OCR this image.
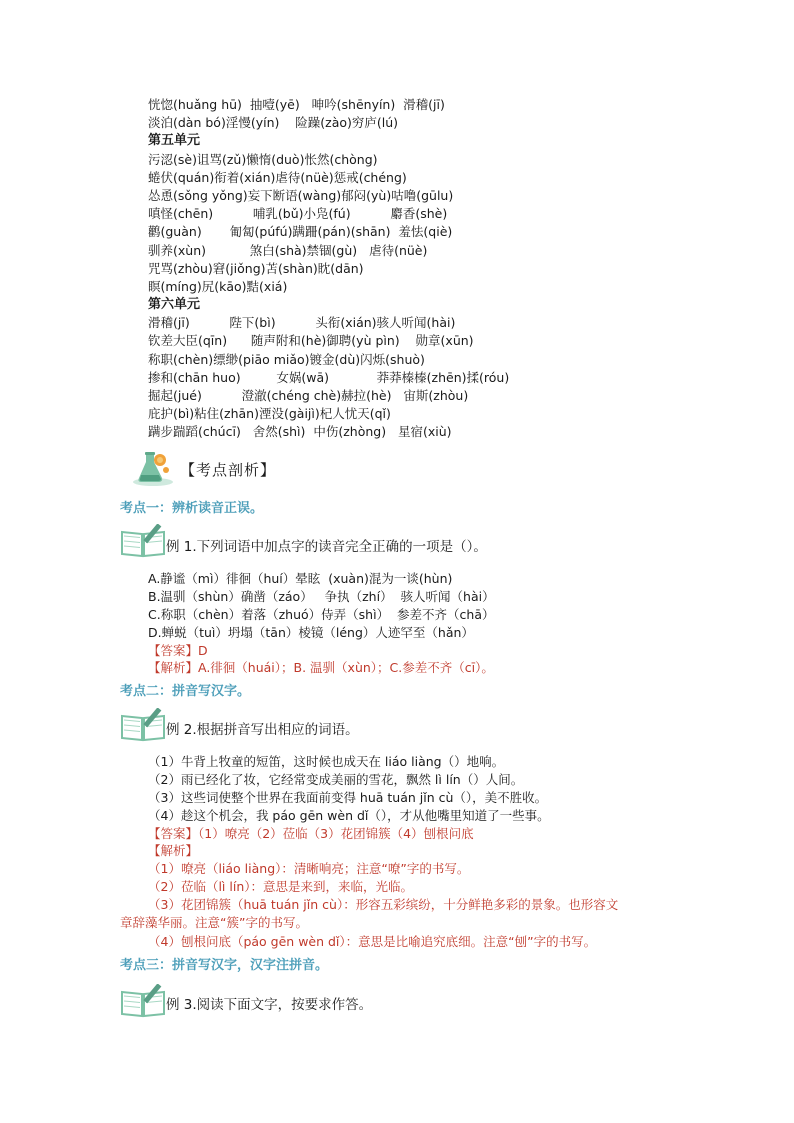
恍惚(huǎng hū)  抽噎(yē)   呻吟(shēnyín)  滑稽(jī)
淡泊(dàn bó)淫慢(yín)    险躁(zào)穷庐(lú)
第五单元
污涊(sè)诅骂(zǔ)懒惰(duò)怅然(chòng)
蜷伏(quán)衔着(xián)虐待(nüè)惩戒(chéng)
怂恿(sǒng yǒng)妄下断语(wàng)郁闷(yù)咕噜(gūlu)
嗔怪(chēn)          哺乳(bǔ)小凫(fú)          麝香(shè)
鹳(guàn)       匍匐(púfú)蹒跚(pán)(shān)  羞怯(qiè)
驯养(xùn)           煞白(shà)禁锢(gù)   虐待(nüè)
咒骂(zhòu)窘(jiǒng)苫(shàn)眈(dān)
瞑(míng)尻(kāo)黠(xiá)
第六单元
滑稽(jī)          陛下(bì)          头衔(xián)骇人听闻(hài)
钦差大臣(qīn)      随声附和(hè)御聘(yù pìn)    勋章(xūn)
称职(chèn)缥缈(piāo miǎo)镀金(dù)闪烁(shuò)
掺和(chān huo)         女娲(wā)            莽莽榛榛(zhēn)揉(róu)
掘起(jué)          澄澈(chéng chè)赫拉(hè)   宙斯(zhòu)
庇护(bì)粘住(zhān)湮没(gàijì)杞人忧天(qǐ)
蹒步踹蹈(chúcī)   舍然(shì)  中伤(zhòng)   星宿(xiù)
【考点剖析】
考点一：辨析读音正误。
例 1.下列词语中加点字的读音完全正确的一项是（）。
A.静谧（mì）徘徊（huí）晕眩  (xuàn)混为一谈(hùn)
B.温驯（shùn）确凿（záo）   争执（zhí）  骇人听闻（hài）
C.称职（chèn）着落（zhuó）侍弄（shì）  参差不齐（chā）
D.蝉蜕（tuì）坍塌（tān）棱镜（léng）人迹罕至（hǎn）
【答案】D
【解析】A.徘徊（huái）；B. 温驯（xùn）；C.参差不齐（cī）。
考点二：拼音写汉字。
例 2.根据拼音写出相应的词语。
（1）牛背上牧童的短笛，这时候也成天在 liáo liàng（）地响。
（2）雨已经化了妆，它经常变成美丽的雪花，飘然 lì lín（）人间。
（3）这些词使整个世界在我面前变得 huā tuán jǐn cù（），美不胜收。
（4）趁这个机会，我 páo gēn wèn dǐ（），才从他嘴里知道了一些事。
【答案】（1）嘹亮（2）莅临（3）花团锦簇（4）刨根问底
【解析】
（1）嘹亮（liáo liàng）：清晰响亮；注意“嘹”字的书写。
（2）莅临（lì lín）：意思是来到，来临，光临。
（3）花团锦簇（huā tuán jǐn cù）：形容五彩缤纷，十分鲜艳多彩的景象。也形容文
章辞藻华丽。注意“簇”字的书写。
（4）刨根问底（páo gēn wèn dǐ）：意思是比喻追究底细。注意“刨”字的书写。
考点三：拼音写汉字，汉字注拼音。
例 3.阅读下面文字，按要求作答。
